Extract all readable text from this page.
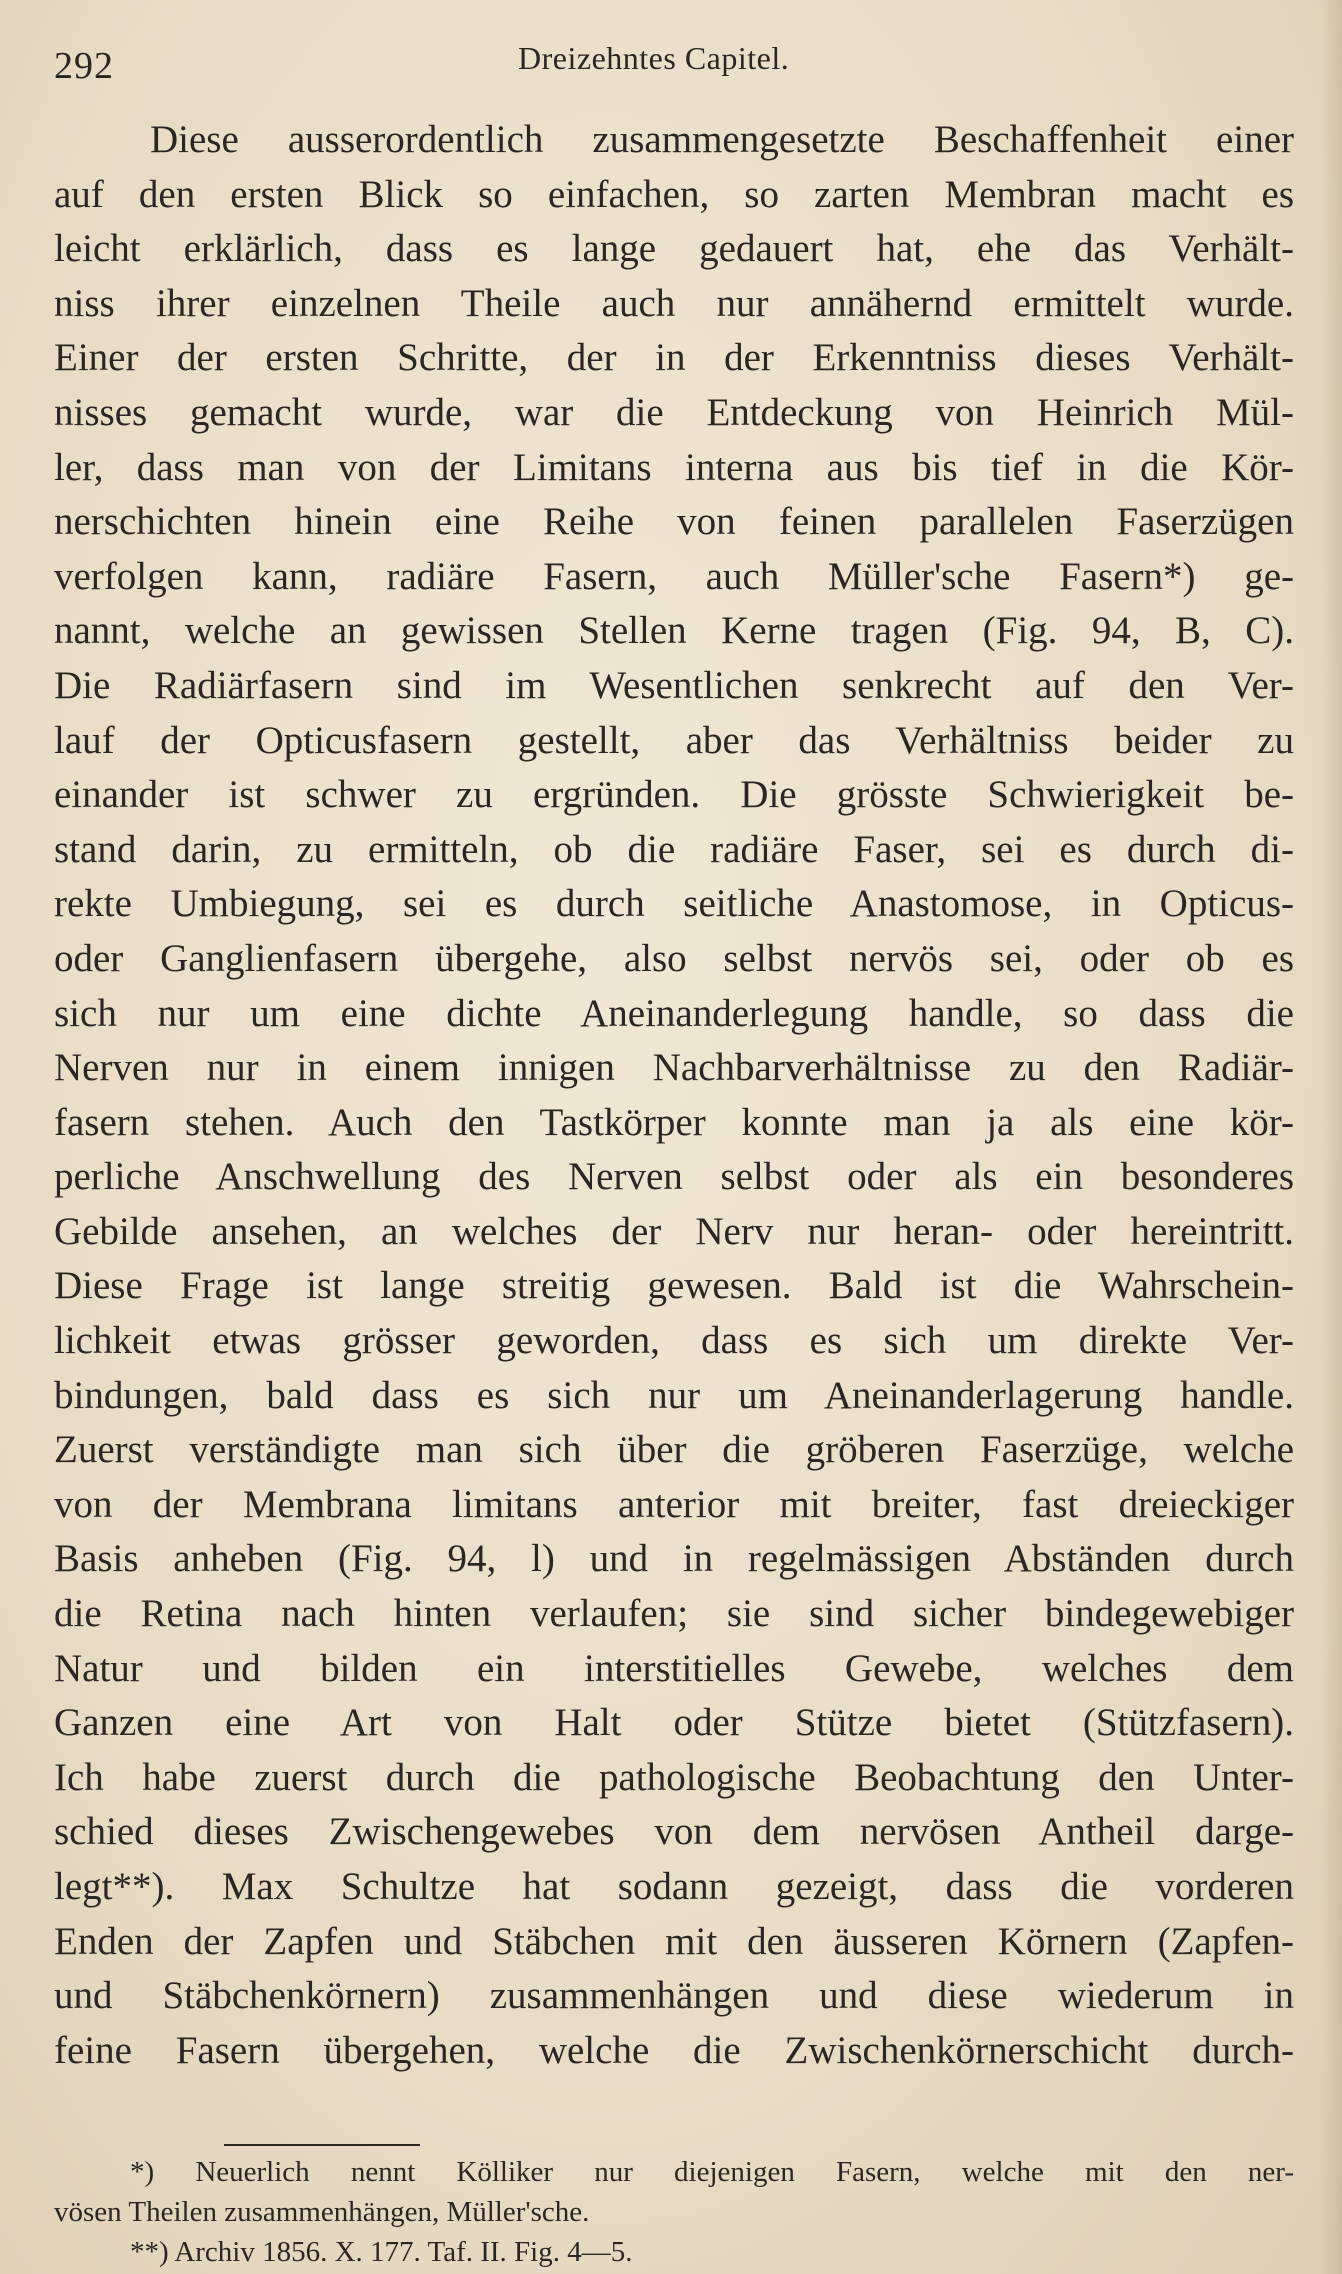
292	Dreizehntes Capitel.
Diese ausserordentlich zusammengesetzte Beschaffenheit einer
auf den ersten Blick so einfachen, so zarten Membran macht es
leicht erklärlich, dass es lange gedauert hat, ehe das Verhält-
niss ihrer einzelnen Theile auch nur annähernd ermittelt wurde.
Einer der ersten Schritte, der in der Erkenntniss dieses Verhält-
nisses gemacht wurde, war die Entdeckung von Heinrich Mül-
ler, dass man von der Limitans interna aus bis tief in die Kör-
nerschichten hinein eine Reihe von feinen parallelen Faserzügen
verfolgen kann, radiäre Fasern, auch Müller'sche Fasern*) ge-
nannt, welche an gewissen Stellen Kerne tragen (Fig. 94, B, C).
Die Radiärfasern sind im Wesentlichen senkrecht auf den Ver-
lauf der Opticusfasern gestellt, aber das Verhältniss beider zu
einander ist schwer zu ergründen. Die grösste Schwierigkeit be-
stand darin, zu ermitteln, ob die radiäre Faser, sei es durch di-
rekte Umbiegung, sei es durch seitliche Anastomose, in Opticus-
oder Ganglienfasern übergehe, also selbst nervös sei, oder ob es
sich nur um eine dichte Aneinanderlegung handle, so dass die
Nerven nur in einem innigen Nachbarverhältnisse zu den Radiär-
fasern stehen. Auch den Tastkörper konnte man ja als eine kör-
perliche Anschwellung des Nerven selbst oder als ein besonderes
Gebilde ansehen, an welches der Nerv nur heran- oder hereintritt.
Diese Frage ist lange streitig gewesen. Bald ist die Wahrschein-
lichkeit etwas grösser geworden, dass es sich um direkte Ver-
bindungen, bald dass es sich nur um Aneinanderlagerung handle.
Zuerst verständigte man sich über die gröberen Faserzüge, welche
von der Membrana limitans anterior mit breiter, fast dreieckiger
Basis anheben (Fig. 94, l) und in regelmässigen Abständen durch
die Retina nach hinten verlaufen; sie sind sicher bindegewebiger
Natur und bilden ein interstitielles Gewebe, welches dem
Ganzen eine Art von Halt oder Stütze bietet (Stützfasern).
Ich habe zuerst durch die pathologische Beobachtung den Unter-
schied dieses Zwischengewebes von dem nervösen Antheil darge-
legt**). Max Schultze hat sodann gezeigt, dass die vorderen
Enden der Zapfen und Stäbchen mit den äusseren Körnern (Zapfen-
und Stäbchenkörnern) zusammenhängen und diese wiederum in
feine Fasern übergehen, welche die Zwischenkörnerschicht durch-
*) Neuerlich nennt Kölliker nur diejenigen Fasern, welche mit den ner-
vösen Theilen zusammenhängen, Müller'sche.
**) Archiv 1856. X. 177. Taf. II. Fig. 4—5.
